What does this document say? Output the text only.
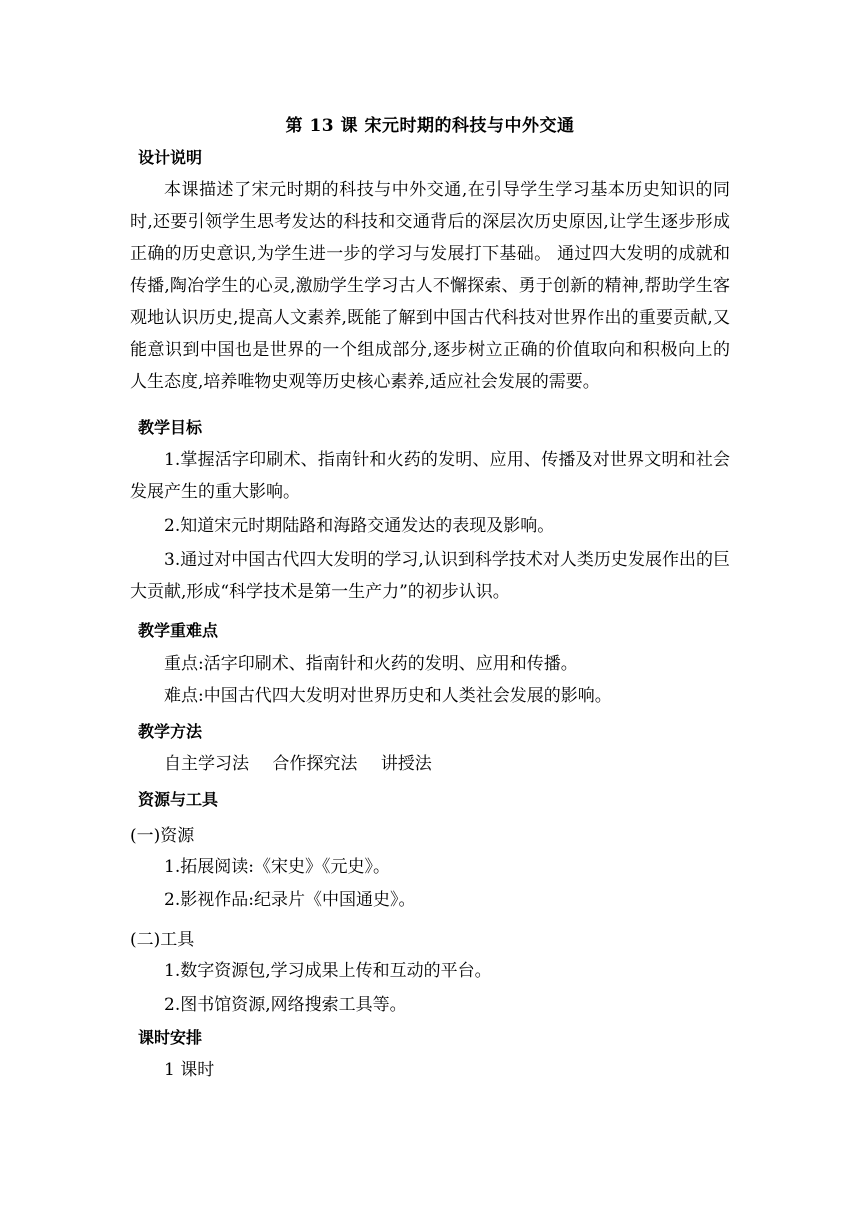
第 13 课 宋元时期的科技与中外交通
设计说明
本课描述了宋元时期的科技与中外交通,在引导学生学习基本历史知识的同时,还要引领学生思考发达的科技和交通背后的深层次历史原因,让学生逐步形成正确的历史意识,为学生进一步的学习与发展打下基础。 通过四大发明的成就和传播,陶冶学生的心灵,激励学生学习古人不懈探索、勇于创新的精神,帮助学生客观地认识历史,提高人文素养,既能了解到中国古代科技对世界作出的重要贡献,又能意识到中国也是世界的一个组成部分,逐步树立正确的价值取向和积极向上的人生态度,培养唯物史观等历史核心素养,适应社会发展的需要。
教学目标
1.掌握活字印刷术、指南针和火药的发明、应用、传播及对世界文明和社会发展产生的重大影响。
2.知道宋元时期陆路和海路交通发达的表现及影响。
3.通过对中国古代四大发明的学习,认识到科学技术对人类历史发展作出的巨大贡献,形成“科学技术是第一生产力”的初步认识。
教学重难点
重点:活字印刷术、指南针和火药的发明、应用和传播。
难点:中国古代四大发明对世界历史和人类社会发展的影响。
教学方法
自主学习法 合作探究法 讲授法
资源与工具
(一)资源
1.拓展阅读:《宋史》《元史》。
2.影视作品:纪录片《中国通史》。
(二)工具
1.数字资源包,学习成果上传和互动的平台。
2.图书馆资源,网络搜索工具等。
课时安排
1 课时
